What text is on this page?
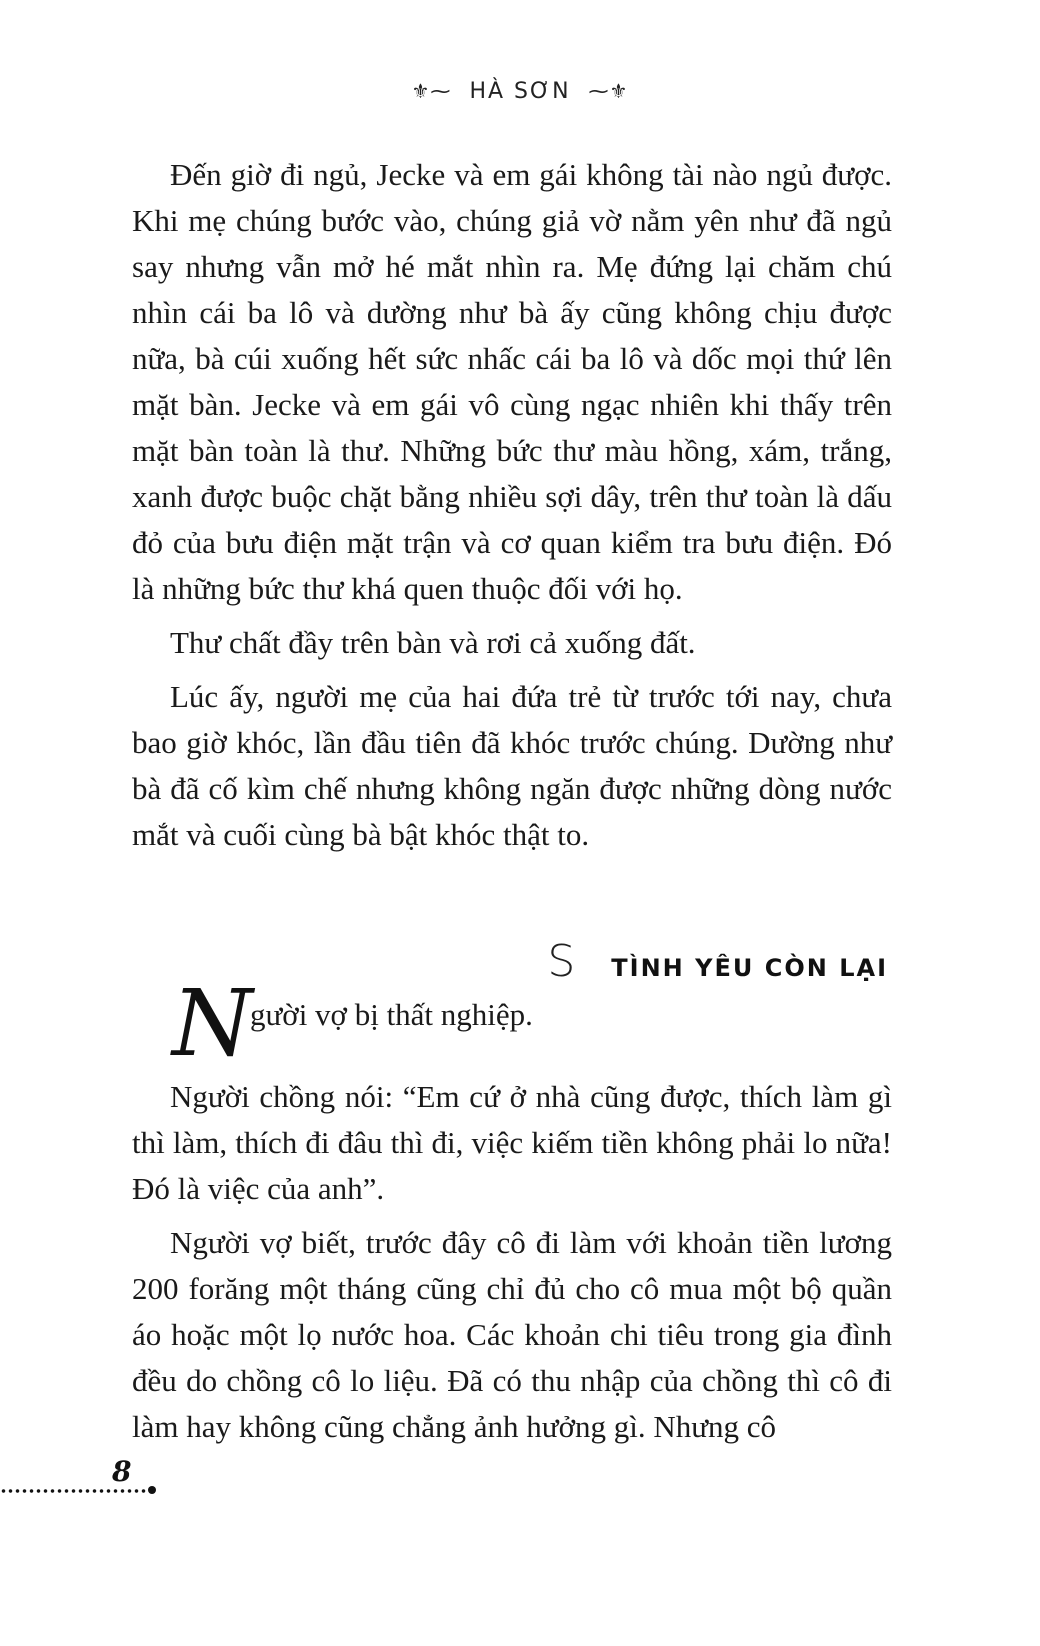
⚜⁓ HÀ SƠN ⁓⚜

Đến giờ đi ngủ, Jecke và em gái không tài nào ngủ được. Khi mẹ chúng bước vào, chúng giả vờ nằm yên như đã ngủ say nhưng vẫn mở hé mắt nhìn ra. Mẹ đứng lại chăm chú nhìn cái ba lô và dường như bà ấy cũng không chịu được nữa, bà cúi xuống hết sức nhấc cái ba lô và dốc mọi thứ lên mặt bàn. Jecke và em gái vô cùng ngạc nhiên khi thấy trên mặt bàn toàn là thư. Những bức thư màu hồng, xám, trắng, xanh được buộc chặt bằng nhiều sợi dây, trên thư toàn là dấu đỏ của bưu điện mặt trận và cơ quan kiểm tra bưu điện. Đó là những bức thư khá quen thuộc đối với họ.

Thư chất đầy trên bàn và rơi cả xuống đất.

Lúc ấy, người mẹ của hai đứa trẻ từ trước tới nay, chưa bao giờ khóc, lần đầu tiên đã khóc trước chúng. Dường như bà đã cố kìm chế nhưng không ngăn được những dòng nước mắt và cuối cùng bà bật khóc thật to.

S TÌNH YÊU CÒN LẠI
N
gười vợ bị thất nghiệp.

Người chồng nói: “Em cứ ở nhà cũng được, thích làm gì thì làm, thích đi đâu thì đi, việc kiếm tiền không phải lo nữa! Đó là việc của anh”.

Người vợ biết, trước đây cô đi làm với khoản tiền lương 200 forăng một tháng cũng chỉ đủ cho cô mua một bộ quần áo hoặc một lọ nước hoa. Các khoản chi tiêu trong gia đình đều do chồng cô lo liệu. Đã có thu nhập của chồng thì cô đi làm hay không cũng chẳng ảnh hưởng gì. Nhưng cô

8
